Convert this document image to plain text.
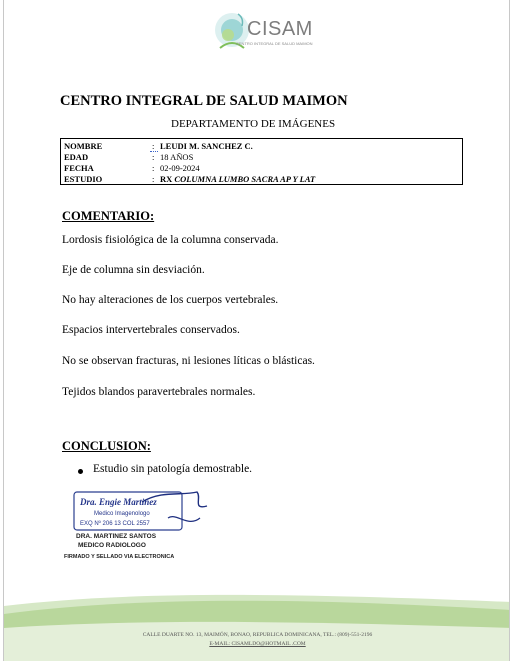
CISAM
CENTRO INTEGRAL DE SALUD MAIMON
CENTRO INTEGRAL DE SALUD MAIMON
DEPARTAMENTO DE IMÁGENES
NOMBRE	: LEUDI M. SANCHEZ C.
EDAD	: 18 AÑOS
FECHA	: 02-09-2024
ESTUDIO	: RX COLUMNA LUMBO SACRA AP Y LAT
COMENTARIO:
Lordosis fisiológica de la columna conservada.
Eje de columna sin desviación.
No hay alteraciones de los cuerpos vertebrales.
Espacios intervertebrales conservados.
No se observan fracturas, ni lesiones líticas o blásticas.
Tejidos blandos paravertebrales normales.
CONCLUSION:
Estudio sin patología demostrable.
Dra. Engie Martinez
Medico Imagenologo
EXQ Nº 206 13 COL 2557
DRA. MARTINEZ SANTOS
MEDICO RADIOLOGO
FIRMADO Y SELLADO VIA ELECTRONICA
CALLE DUARTE NO. 13, MAIMÓN, BONAO, REPUBLICA DOMINICANA, TEL.: (809)-551-2196
E-MAIL: CISAMLDO@HOTMAIL .COM
